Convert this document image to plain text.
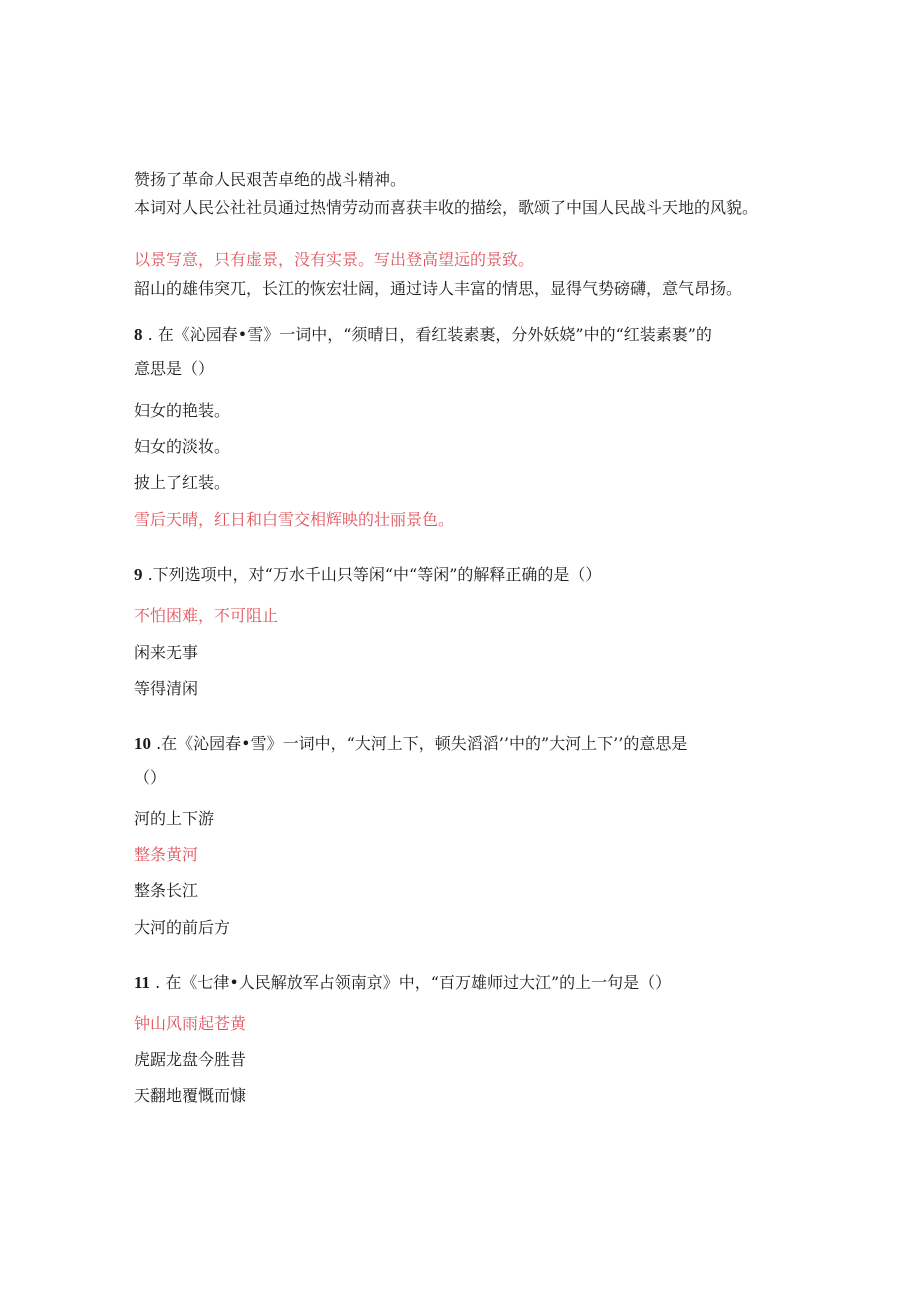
赞扬了革命人民艰苦卓绝的战斗精神。
本词对人民公社社员通过热情劳动而喜获丰收的描绘，歌颂了中国人民战斗天地的风貌。
以景写意，只有虚景，没有实景。写出登高望远的景致。
韶山的雄伟突兀，长江的恢宏壮阔，通过诗人丰富的情思，显得气势磅礴，意气昂扬。
8 . 在《沁园春•雪》一词中，“须晴日，看红装素裹，分外妖娆”中的“红装素裹”的
意思是（）
妇女的艳装。
妇女的淡妆。
披上了红装。
雪后天晴，红日和白雪交相辉映的壮丽景色。
9 .下列选项中，对“万水千山只等闲“中“等闲”的解释正确的是（）
不怕困难，不可阻止
闲来无事
等得清闲
10 .在《沁园春•雪》一词中，“大河上下，顿失滔滔’’中的”大河上下’’的意思是
（）
河的上下游
整条黄河
整条长江
大河的前后方
11 . 在《七律•人民解放军占领南京》中，“百万雄师过大江”的上一句是（）
钟山风雨起苍黄
虎踞龙盘今胜昔
天翻地覆慨而慷
